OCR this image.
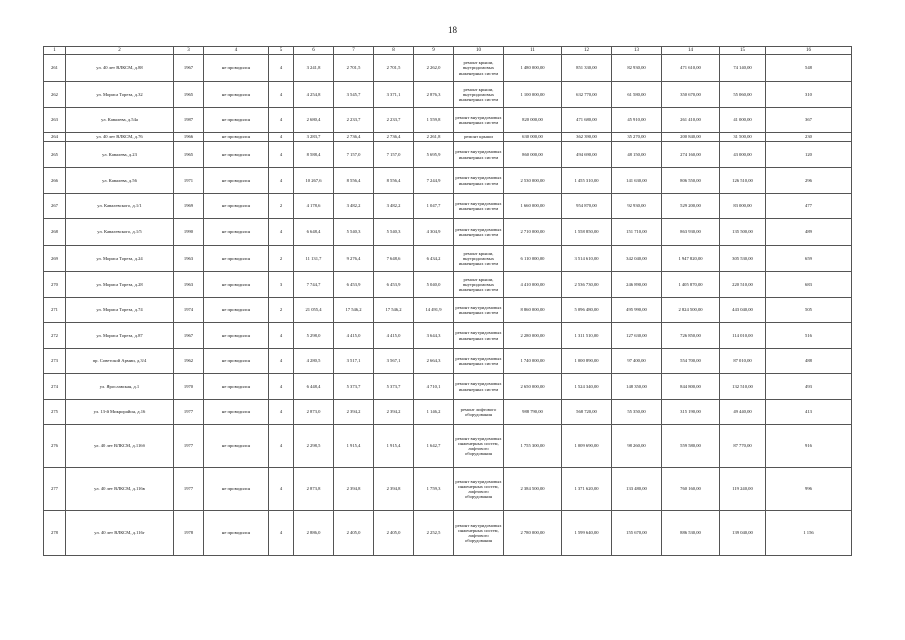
18
1	2	3	4	5	6	7	8	9	10	11	12	13	14	15	16
261	ул. 40 лет ВЛКСМ, д.88	1967	не проводился	4	3 241,8	2 701,5	2 701,5	2 262,0	ремонт крыши, внутридомовых инженерных систем	1 480 000,00	851 330,00	82 930,00	471 610,00	74 140,00	548
262	ул. Мориса Тореза, д.32	1965	не проводился	4	4 254,8	3 545,7	3 371,1	2 876,3	ремонт крыши, внутридомовых инженерных систем	1 100 000,00	632 770,00	61 580,00	350 670,00	55 060,00	310
263	ул. Кавалева, д.54а	1987	не проводился	4	2 680,4	2 233,7	2 233,7	1 559,8	ремонт внутридомовых инженерных систем	820 000,00	471 680,00	45 910,00	261 410,00	41 000,00	367
264	ул. 40 лет ВЛКСМ, д.76	1966	не проводился	4	3 283,7	2 736,4	2 736,4	2 261,8	ремонт крыши	630 000,00	362 390,00	35 270,00	200 840,00	31 500,00	230
265	ул. Кавалева, д.23	1965	не проводился	4	8 588,4	7 157,0	7 157,0	5 695,9	ремонт внутридомовых инженерных систем	860 000,00	494 690,00	48 150,00	274 160,00	43 000,00	120
266	ул. Кавалева, д.56	1971	не проводился	4	10 267,6	8 556,4	8 556,4	7 244,9	ремонт внутридомовых инженерных систем	2 530 000,00	1 455 310,00	141 630,00	806 550,00	126 510,00	296
267	ул. Кавалевского, д.1/1	1969	не проводился	2	4 178,6	3 482,2	3 482,2	1 047,7	ремонт внутридомовых инженерных систем	1 660 000,00	954 870,00	92 930,00	529 200,00	83 000,00	477
268	ул. Кавалевского, д.1/5	1990	не проводился	4	6 648,4	5 540,3	5 540,3	4 304,9	ремонт внутридомовых инженерных систем	2 710 000,00	1 558 850,00	151 710,00	863 930,00	135 500,00	489
269	ул. Мориса Тореза, д.24	1963	не проводился	2	11 131,7	9 276,4	7 648,6	6 434,2	ремонт крыши, внутридомовых инженерных систем	6 110 000,00	3 514 610,00	342 040,00	1 947 820,00	305 530,00	659
270	ул. Мориса Тореза, д.28	1963	не проводился	3	7 744,7	6 453,9	6 453,9	5 040,0	ремонт крыши, внутридомовых инженерных систем	4 410 000,00	2 536 730,00	246 890,00	1 405 870,00	220 510,00	683
271	ул. Мориса Тореза, д.74	1974	не проводился	2	21 055,4	17 546,2	17 546,2	14 491,9	ремонт внутридомовых инженерных систем	8 860 000,00	5 096 480,00	495 990,00	2 824 500,00	443 040,00	505
272	ул. Мориса Тореза, д.87	1967	не проводился	4	5 298,0	4 415,0	4 415,0	3 644,3	ремонт внутридомовых инженерных систем	2 280 000,00	1 311 510,00	127 630,00	726 850,00	114 010,00	516
273	пр. Советской Армии, д.3/4	1962	не проводился	4	4 280,5	3 517,1	3 567,1	2 664,3	ремонт внутридомовых инженерных систем	1 740 000,00	1 000 890,00	97 400,00	554 700,00	87 010,00	488
274	ул. Ярославская, д.1	1970	не проводился	4	6 448,4	5 373,7	5 373,7	4 710,1	ремонт внутридомовых инженерных систем	2 650 000,00	1 524 340,00	148 350,00	844 800,00	132 510,00	493
275	ул. 13-й Микрорайон, д.16	1977	не проводился	4	2 873,0	2 394,2	2 394,2	1 146,2	ремонт лифтового оборудования	988 790,00	568 720,00	55 350,00	315 190,00	49 440,00	413
276	ул. 40 лет ВЛКСМ, д.116б	1977	не проводился	4	2 298,5	1 915,4	1 915,4	1 642,7	ремонт внутридомовых инженерных систем, лифтового оборудования	1 755 300,00	1 009 690,00	98 260,00	559 580,00	87 770,00	916
277	ул. 40 лет ВЛКСМ, д.116в	1977	не проводился	4	2 873,8	2 394,8	2 394,8	1 759,3	ремонт внутридомовых инженерных систем, лифтового оборудования	2 384 500,00	1 371 620,00	133 480,00	760 160,00	119 240,00	996
278	ул. 40 лет ВЛКСМ, д.116г	1978	не проводился	4	2 886,0	2 405,0	2 405,0	2 252,5	ремонт внутридомовых инженерных систем, лифтового оборудования	2 780 000,00	1 599 640,00	155 670,00	886 530,00	139 040,00	1 156
